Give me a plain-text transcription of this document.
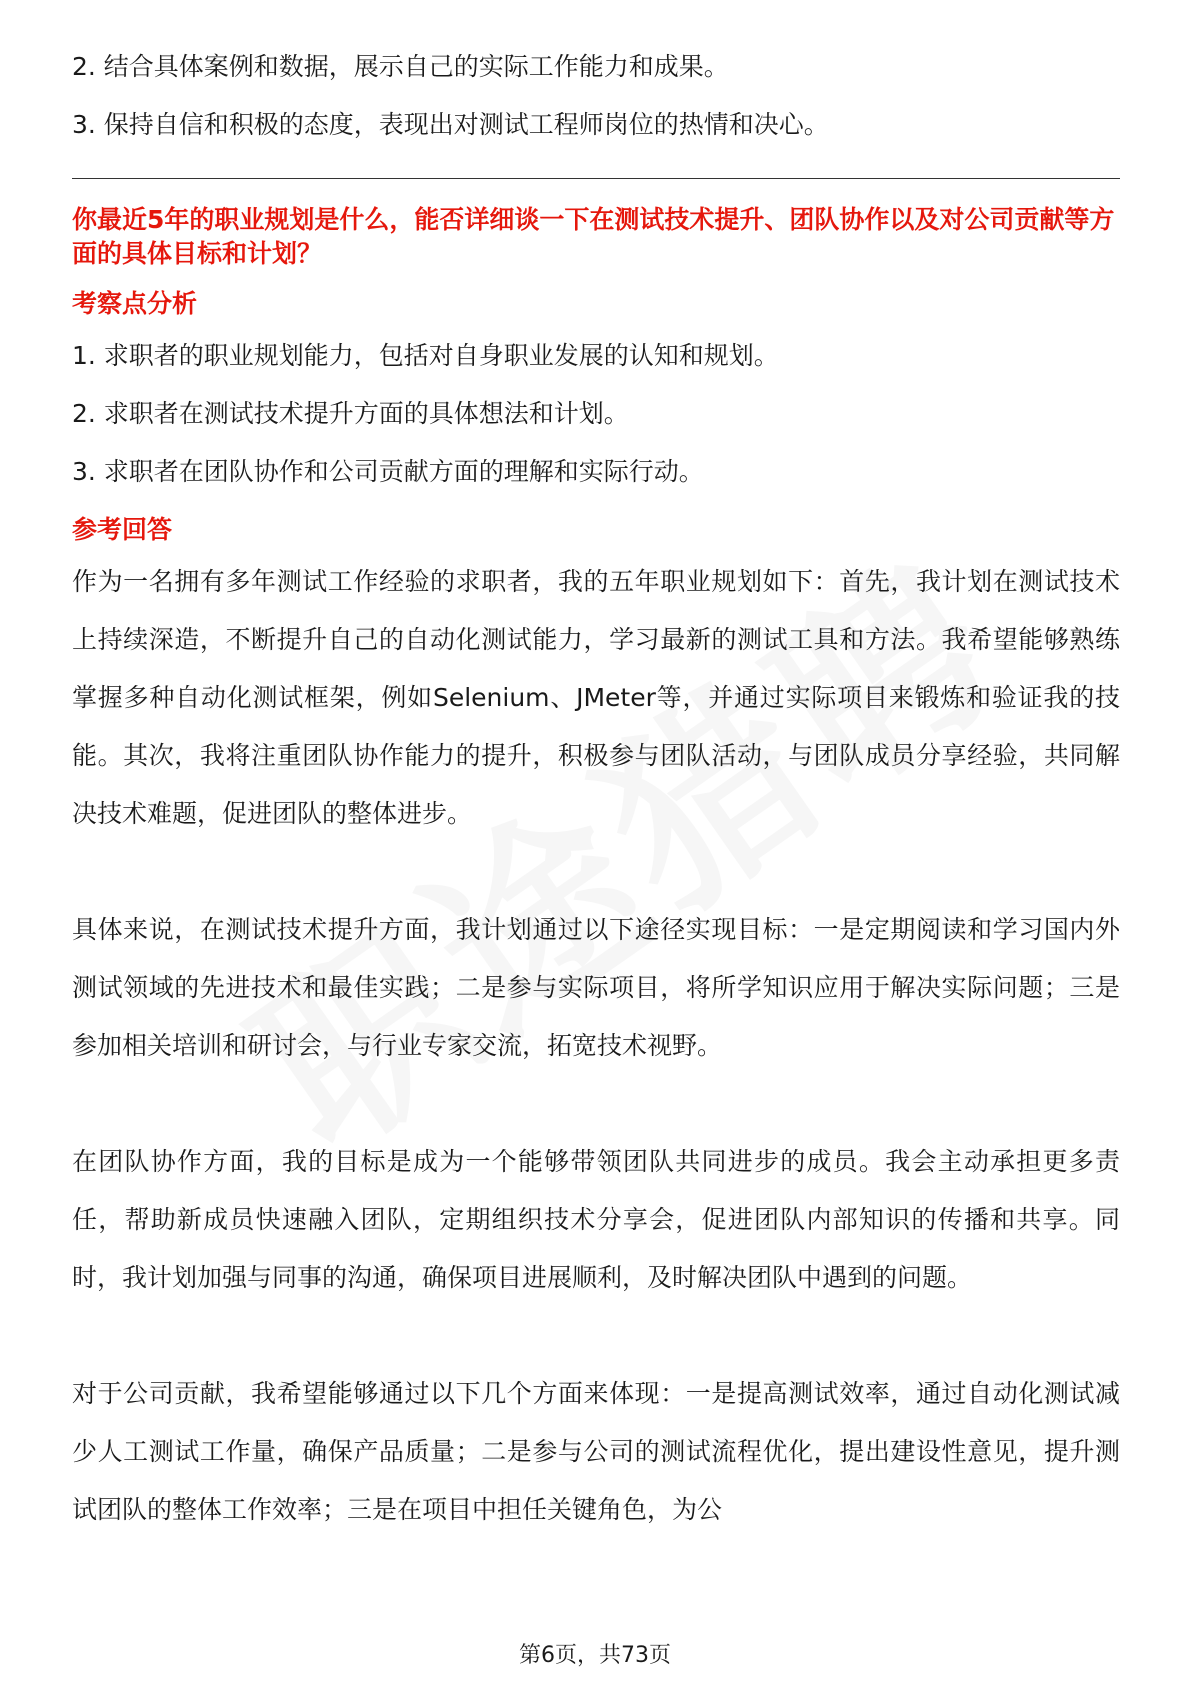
2. 结合具体案例和数据，展示自己的实际工作能力和成果。

3. 保持自信和积极的态度，表现出对测试工程师岗位的热情和决心。

你最近5年的职业规划是什么，能否详细谈一下在测试技术提升、团队协作以及对公司贡献等方面的具体目标和计划？

考察点分析

1. 求职者的职业规划能力，包括对自身职业发展的认知和规划。
2. 求职者在测试技术提升方面的具体想法和计划。
3. 求职者在团队协作和公司贡献方面的理解和实际行动。

参考回答

作为一名拥有多年测试工作经验的求职者，我的五年职业规划如下：首先，我计划在测试技术上持续深造，不断提升自己的自动化测试能力，学习最新的测试工具和方法。我希望能够熟练掌握多种自动化测试框架，例如Selenium、JMeter等，并通过实际项目来锻炼和验证我的技能。其次，我将注重团队协作能力的提升，积极参与团队活动，与团队成员分享经验，共同解决技术难题，促进团队的整体进步。

具体来说，在测试技术提升方面，我计划通过以下途径实现目标：一是定期阅读和学习国内外测试领域的先进技术和最佳实践；二是参与实际项目，将所学知识应用于解决实际问题；三是参加相关培训和研讨会，与行业专家交流，拓宽技术视野。

在团队协作方面，我的目标是成为一个能够带领团队共同进步的成员。我会主动承担更多责任，帮助新成员快速融入团队，定期组织技术分享会，促进团队内部知识的传播和共享。同时，我计划加强与同事的沟通，确保项目进展顺利，及时解决团队中遇到的问题。

对于公司贡献，我希望能够通过以下几个方面来体现：一是提高测试效率，通过自动化测试减少人工测试工作量，确保产品质量；二是参与公司的测试流程优化，提出建设性意见，提升测试团队的整体工作效率；三是在项目中担任关键角色，为公

第6页，共73页
